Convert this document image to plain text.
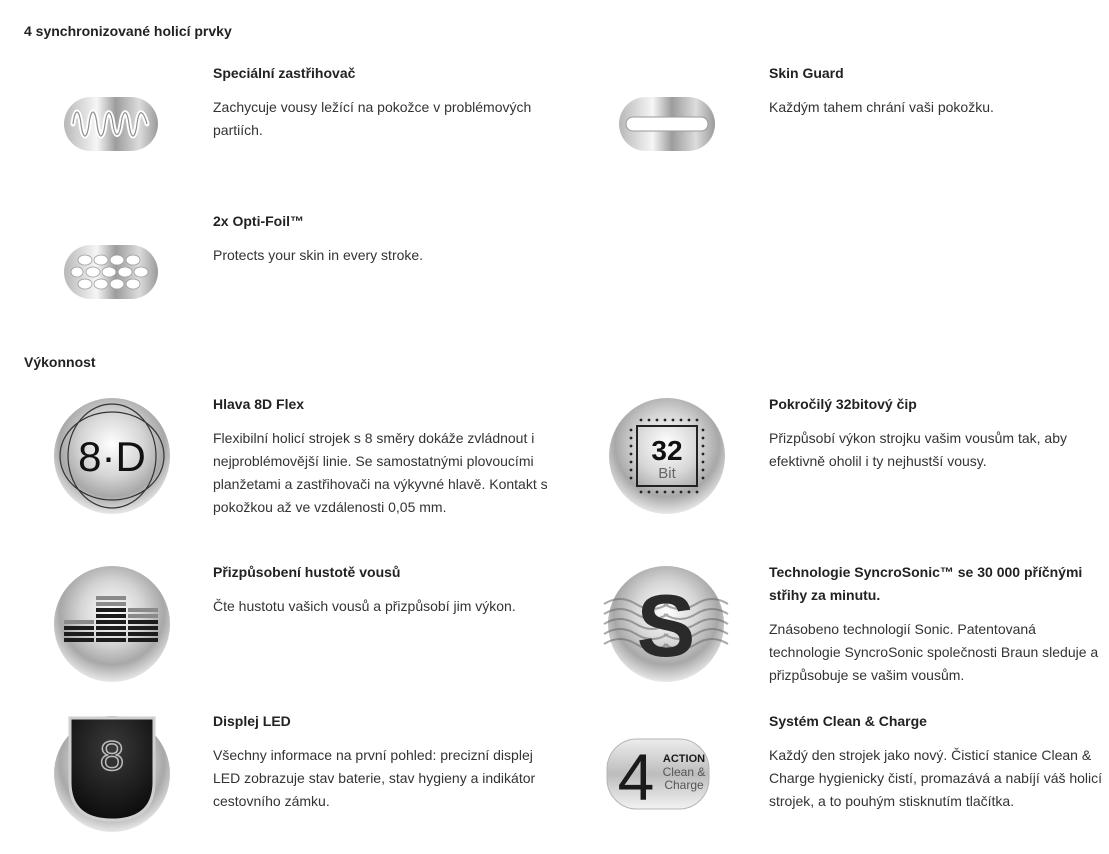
4 synchronizované holicí prvky
Speciální zastřihovač

Zachycuje vousy ležící na pokožce v problémových partiích.

Skin Guard

Každým tahem chrání vaši pokožku.

2x Opti-Foil™

Protects your skin in every stroke.

Výkonnost
8·D
Hlava 8D Flex

Flexibilní holicí strojek s 8 směry dokáže zvládnout i nejproblémovější linie. Se samostatnými plovoucími planžetami a zastřihovači na výkyvné hlavě. Kontakt s pokožkou až ve vzdálenosti 0,05 mm.

32
Bit
Pokročilý 32bitový čip

Přizpůsobí výkon strojku vašim vousům tak, aby efektivně oholil i ty nejhustší vousy.

Přizpůsobení hustotě vousů

Čte hustotu vašich vousů a přizpůsobí jim výkon.	S
Technologie SyncroSonic™ se 30 000 příčnými střihy za minutu.

Znásobeno technologií Sonic. Patentovaná technologie SyncroSonic společnosti Braun sleduje a přizpůsobuje se vašim vousům.

8
Displej LED

Všechny informace na první pohled: precizní displej LED zobrazuje stav baterie, stav hygieny a indikátor cestovního zámku.	4 ACTION
Clean &
Charge
Systém Clean & Charge

Každý den strojek jako nový. Čisticí stanice Clean & Charge hygienicky čistí, promazává a nabíjí váš holicí strojek, a to pouhým stisknutím tlačítka.
